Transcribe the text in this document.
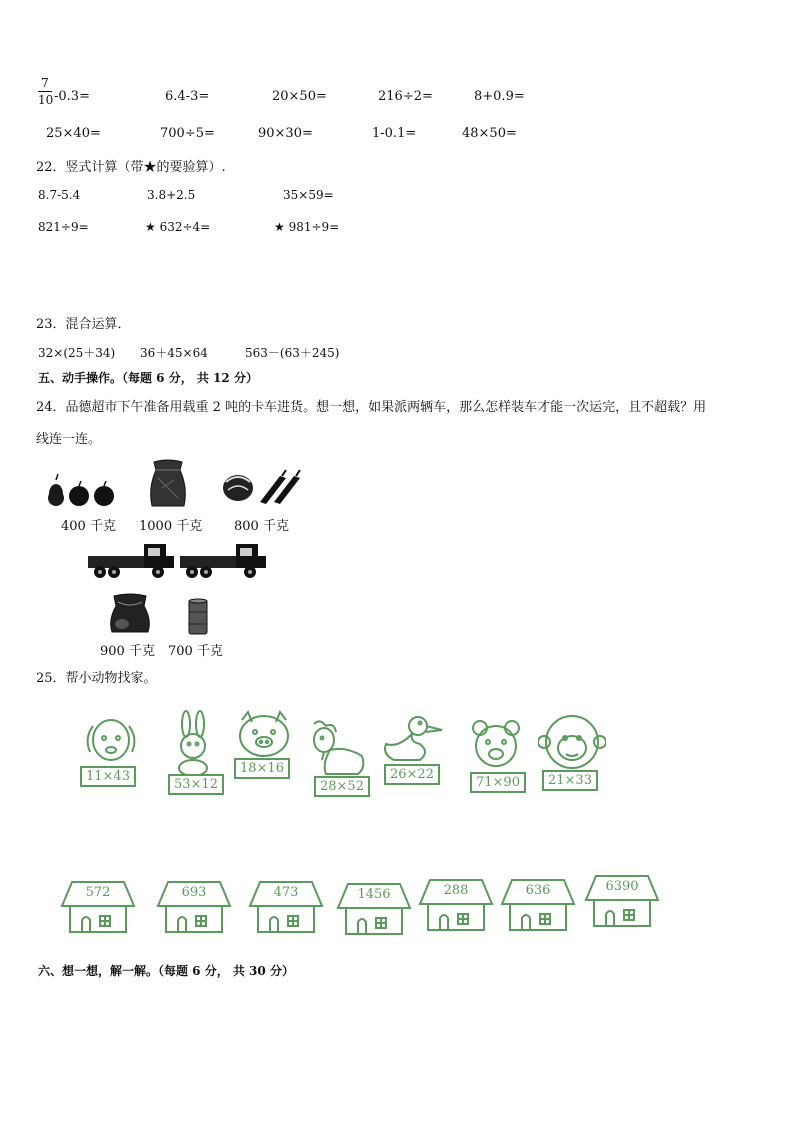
7
10 -0.3=	6.4-3=	20×50=	216÷2=	8+0.9=
25×40=	700÷5=	90×30=	1-0.1=	48×50=
22．竖式计算（带★的要验算）.
8.7-5.4	3.8+2.5	35×59=
821÷9=	★ 632÷4=	★ 981÷9=
23．混合运算．
32×(25＋34) 36＋45×64	563－(63＋245)
五、动手操作。（每题 6 分， 共 12 分）
24．品德超市下午准备用载重 2 吨的卡车进货。想一想，如果派两辆车，那么怎样装车才能一次运完，且不超载？用
线连一连。
400 千克 1000 千克 800 千克
900 千克 700 千克
25．帮小动物找家。
11×43
53×12
18×16
28×52
26×22
71×90	21×33
572	693	473	1456	288	636	6390
六、想一想，解一解。（每题 6 分， 共 30 分）
